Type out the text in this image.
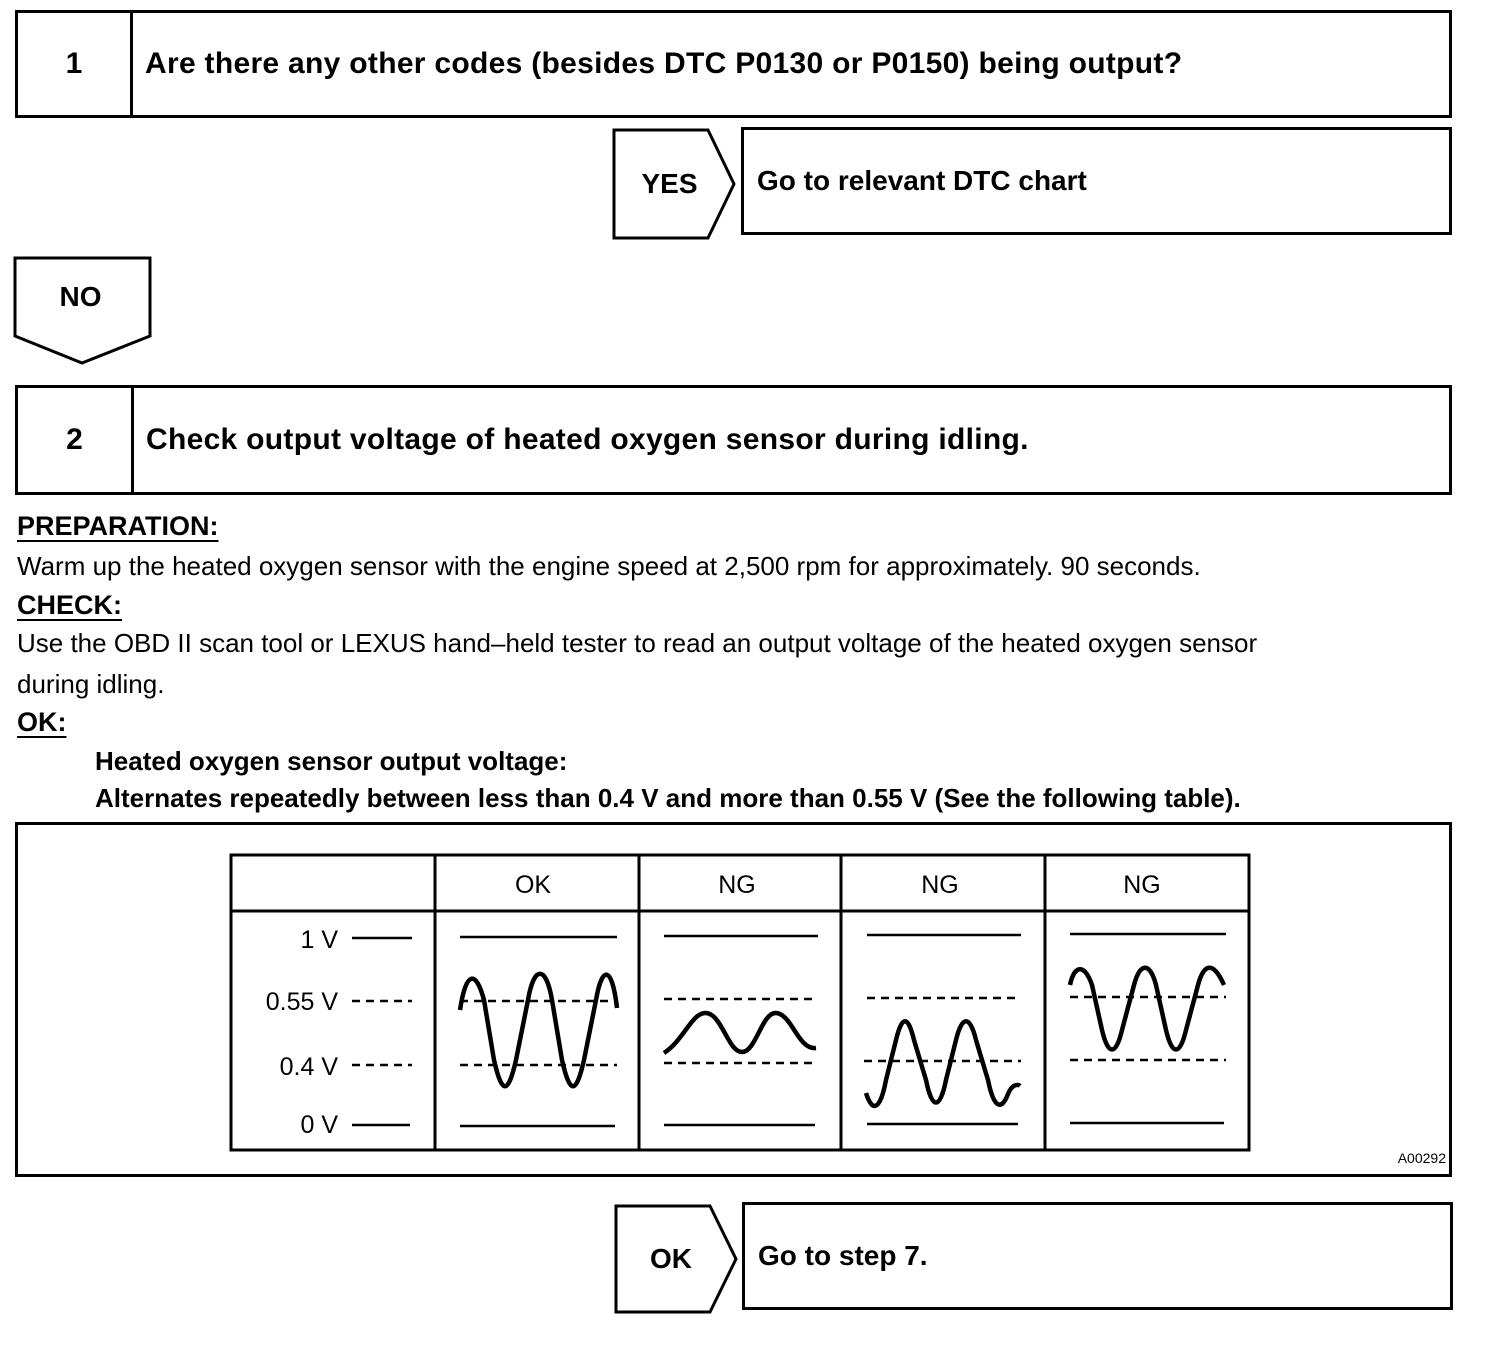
1	Are there any other codes (besides DTC P0130 or P0150) being output?
YES	Go to relevant DTC chart
NO
2	Check output voltage of heated oxygen sensor during idling.
PREPARATION:
Warm up the heated oxygen sensor with the engine speed at 2,500 rpm for approximately. 90 seconds.
CHECK:
Use the OBD II scan tool or LEXUS hand–held tester to read an output voltage of the heated oxygen sensor
during idling.
OK:
Heated oxygen sensor output voltage:
Alternates repeatedly between less than 0.4 V and more than 0.55 V (See the following table).
OK	NG	NG	NG
1 V
0.55 V
0.4 V
0 V
A00292
OK	Go to step 7.
